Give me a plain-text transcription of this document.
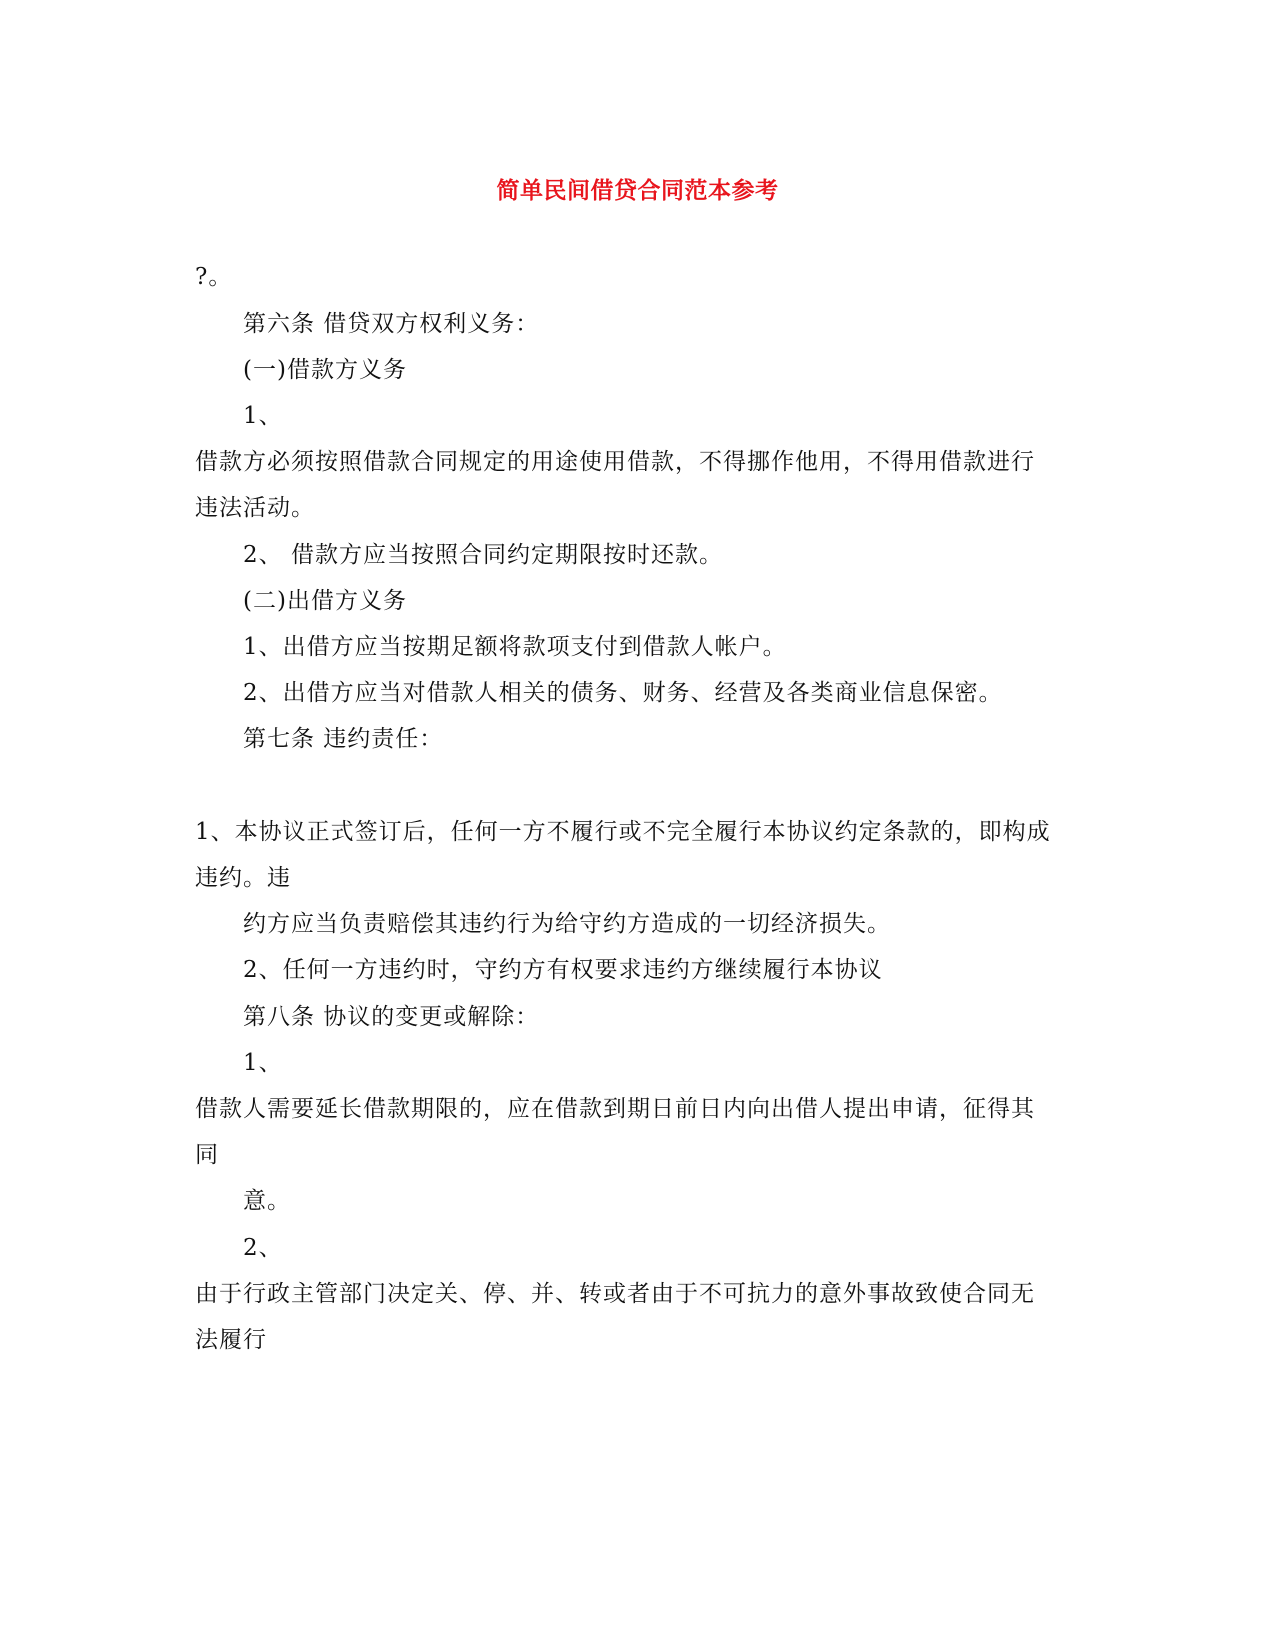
简单民间借贷合同范本参考
?。
第六条 借贷双方权利义务：
(一)借款方义务
1、
借款方必须按照借款合同规定的用途使用借款，不得挪作他用，不得用借款进行
违法活动。
2、 借款方应当按照合同约定期限按时还款。
(二)出借方义务
1、出借方应当按期足额将款项支付到借款人帐户。
2、出借方应当对借款人相关的债务、财务、经营及各类商业信息保密。
第七条 违约责任：
1、本协议正式签订后，任何一方不履行或不完全履行本协议约定条款的，即构成
违约。违
约方应当负责赔偿其违约行为给守约方造成的一切经济损失。
2、任何一方违约时，守约方有权要求违约方继续履行本协议
第八条 协议的变更或解除：
1、
借款人需要延长借款期限的，应在借款到期日前日内向出借人提出申请，征得其
同
意。
2、
由于行政主管部门决定关、停、并、转或者由于不可抗力的意外事故致使合同无
法履行
